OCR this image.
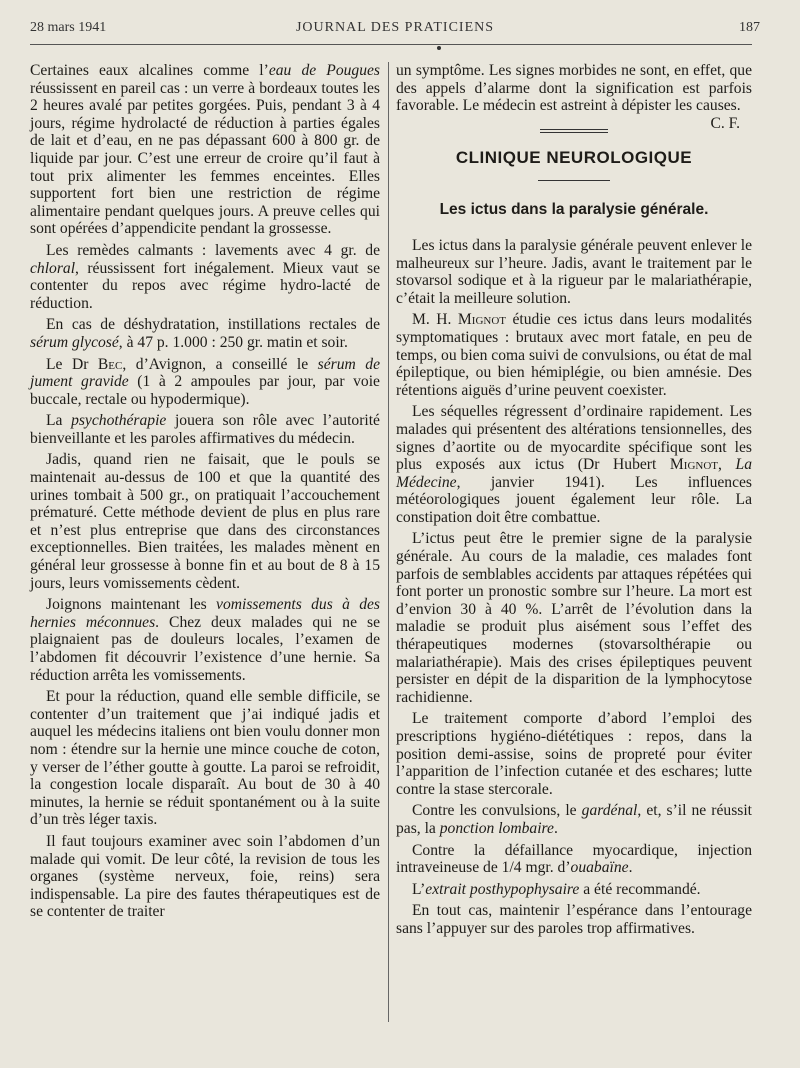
28 mars 1941	JOURNAL DES PRATICIENS	187

Certaines eaux alcalines comme l’eau de Pougues réussissent en pareil cas : un verre à bordeaux toutes les 2 heures avalé par petites gorgées. Puis, pendant 3 à 4 jours, régime hydrolacté de réduction à parties égales de lait et d’eau, en ne pas dépassant 600 à 800 gr. de liquide par jour. C’est une erreur de croire qu’il faut à tout prix alimenter les femmes enceintes. Elles supportent fort bien une restriction de régime alimentaire pendant quelques jours. A preuve celles qui sont opérées d’appendicite pendant la grossesse.

Les remèdes calmants : lavements avec 4 gr. de chloral, réussissent fort inégalement. Mieux vaut se contenter du repos avec régime hydro-lacté de réduction.

En cas de déshydratation, instillations rectales de sérum glycosé, à 47 p. 1.000 : 250 gr. matin et soir.

Le Dr Bec, d’Avignon, a conseillé le sérum de jument gravide (1 à 2 ampoules par jour, par voie buccale, rectale ou hypodermique).

La psychothérapie jouera son rôle avec l’autorité bienveillante et les paroles affirmatives du médecin.

Jadis, quand rien ne faisait, que le pouls se maintenait au-dessus de 100 et que la quantité des urines tombait à 500 gr., on pratiquait l’accouchement prématuré. Cette méthode devient de plus en plus rare et n’est plus entreprise que dans des circonstances exceptionnelles. Bien traitées, les malades mènent en général leur grossesse à bonne fin et au bout de 8 à 15 jours, leurs vomissements cèdent.

Joignons maintenant les vomissements dus à des hernies méconnues. Chez deux malades qui ne se plaignaient pas de douleurs locales, l’examen de l’abdomen fit découvrir l’existence d’une hernie. Sa réduction arrêta les vomissements.

Et pour la réduction, quand elle semble difficile, se contenter d’un traitement que j’ai indiqué jadis et auquel les médecins italiens ont bien voulu donner mon nom : étendre sur la hernie une mince couche de coton, y verser de l’éther goutte à goutte. La paroi se refroidit, la congestion locale disparaît. Au bout de 30 à 40 minutes, la hernie se réduit spontanément ou à la suite d’un très léger taxis.

Il faut toujours examiner avec soin l’abdomen d’un malade qui vomit. De leur côté, la revision de tous les organes (système nerveux, foie, reins) sera indispensable. La pire des fautes thérapeutiques est de se contenter de traiter

un symptôme. Les signes morbides ne sont, en effet, que des appels d’alarme dont la signification est parfois favorable. Le médecin est astreint à dépister les causes.
C. F.

CLINIQUE NEUROLOGIQUE
Les ictus dans la paralysie générale.

Les ictus dans la paralysie générale peuvent enlever le malheureux sur l’heure. Jadis, avant le traitement par le stovarsol sodique et à la rigueur par le malariathérapie, c’était la meilleure solution.

M. H. Mignot étudie ces ictus dans leurs modalités symptomatiques : brutaux avec mort fatale, en peu de temps, ou bien coma suivi de convulsions, ou état de mal épileptique, ou bien hémiplégie, ou bien amnésie. Des rétentions aiguës d’urine peuvent coexister.

Les séquelles régressent d’ordinaire rapidement. Les malades qui présentent des altérations tensionnelles, des signes d’aortite ou de myocardite spécifique sont les plus exposés aux ictus (Dr Hubert Mignot, La Médecine, janvier 1941). Les influences météorologiques jouent également leur rôle. La constipation doit être combattue.

L’ictus peut être le premier signe de la paralysie générale. Au cours de la maladie, ces malades font parfois de semblables accidents par attaques répétées qui font porter un pronostic sombre sur l’heure. La mort est d’envion 30 à 40 %. L’arrêt de l’évolution dans la maladie se produit plus aisément sous l’effet des thérapeutiques modernes (stovarsolthérapie ou malariathérapie). Mais des crises épileptiques peuvent persister en dépit de la disparition de la lymphocytose rachidienne.

Le traitement comporte d’abord l’emploi des prescriptions hygiéno-diététiques : repos, dans la position demi-assise, soins de propreté pour éviter l’apparition de l’infection cutanée et des eschares; lutte contre la stase stercorale.

Contre les convulsions, le gardénal, et, s’il ne réussit pas, la ponction lombaire.

Contre la défaillance myocardique, injection intraveineuse de 1/4 mgr. d’ouabaïne.

L’extrait posthypophysaire a été recommandé.

En tout cas, maintenir l’espérance dans l’entourage sans l’appuyer sur des paroles trop affirmatives.
